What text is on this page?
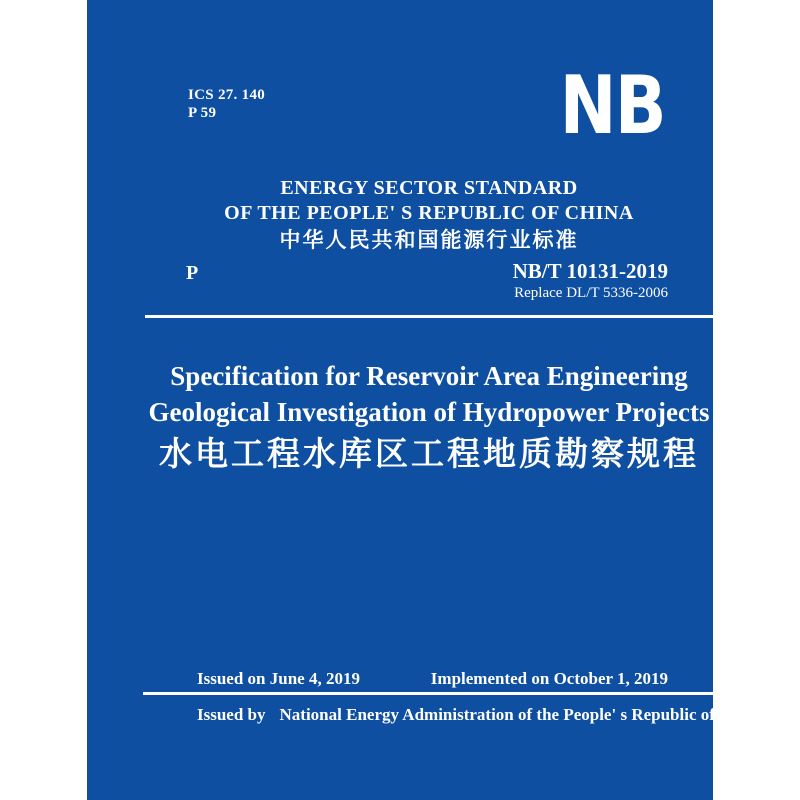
ICS 27. 140
P 59	NB
ENERGY SECTOR STANDARD
OF THE PEOPLE' S REPUBLIC OF CHINA
中华人民共和国能源行业标准
P	NB/T 10131-2019
Replace DL/T 5336-2006
Specification for Reservoir Area Engineering
Geological Investigation of Hydropower Projects
水电工程水库区工程地质勘察规程
Issued on June 4, 2019	Implemented on October 1, 2019
Issued by National Energy Administration of the People' s Republic of China
